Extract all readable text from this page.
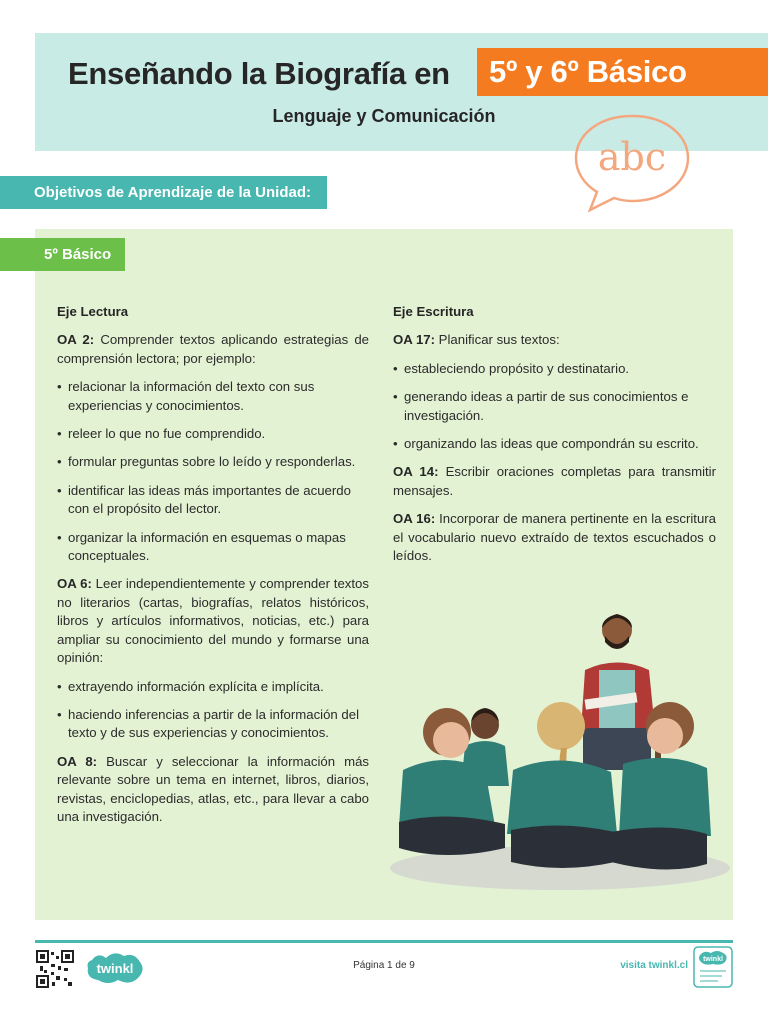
Enseñando la Biografía en	5º y 6º Básico
Lenguaje y Comunicación
abc
Objetivos de Aprendizaje de la Unidad:
5º Básico
Eje Lectura

OA 2: Comprender textos aplicando estrategias de comprensión lectora; por ejemplo:

• relacionar la información del texto con sus experiencias y conocimientos.
• releer lo que no fue comprendido.
• formular preguntas sobre lo leído y responderlas.
• identificar las ideas más importantes de acuerdo con el propósito del lector.
• organizar la información en esquemas o mapas conceptuales.

OA 6: Leer independientemente y comprender textos no literarios (cartas, biografías, relatos históricos, libros y artículos informativos, noticias, etc.) para ampliar su conocimiento del mundo y formarse una opinión:

• extrayendo información explícita e implícita.
• haciendo inferencias a partir de la información del texto y de sus experiencias y conocimientos.

OA 8: Buscar y seleccionar la información más relevante sobre un tema en internet, libros, diarios, revistas, enciclopedias, atlas, etc., para llevar a cabo una investigación.

Eje Escritura

OA 17: Planificar sus textos:

• estableciendo propósito y destinatario.
• generando ideas a partir de sus conocimientos e investigación.
• organizando las ideas que compondrán su escrito.

OA 14: Escribir oraciones completas para transmitir mensajes.

OA 16: Incorporar de manera pertinente en la escritura el vocabulario nuevo extraído de textos escuchados o leídos.

twinkl	Página 1 de 9	visita twinkl.cl
twinkl
